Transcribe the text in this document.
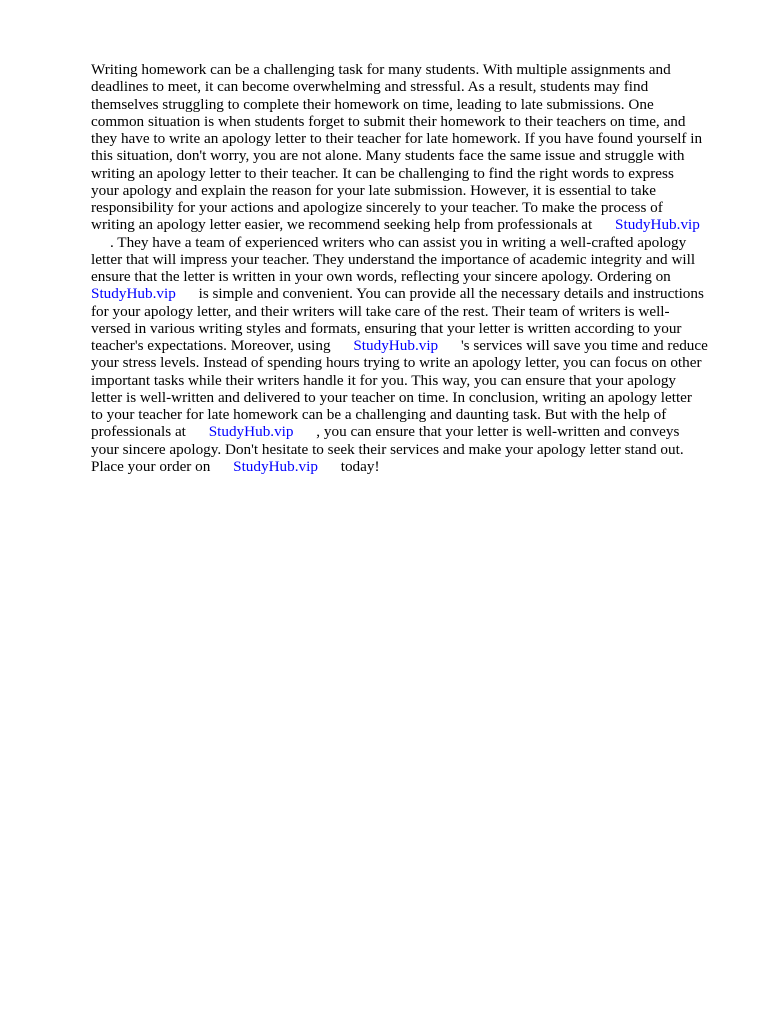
Writing homework can be a challenging task for many students. With multiple assignments and
deadlines to meet, it can become overwhelming and stressful. As a result, students may find
themselves struggling to complete their homework on time, leading to late submissions. One
common situation is when students forget to submit their homework to their teachers on time, and
they have to write an apology letter to their teacher for late homework. If you have found yourself in
this situation, don't worry, you are not alone. Many students face the same issue and struggle with
writing an apology letter to their teacher. It can be challenging to find the right words to express
your apology and explain the reason for your late submission. However, it is essential to take
responsibility for your actions and apologize sincerely to your teacher. To make the process of
writing an apology letter easier, we recommend seeking help from professionals at      StudyHub.vip
. They have a team of experienced writers who can assist you in writing a well-crafted apology
letter that will impress your teacher. They understand the importance of academic integrity and will
ensure that the letter is written in your own words, reflecting your sincere apology. Ordering on
StudyHub.vip      is simple and convenient. You can provide all the necessary details and instructions
for your apology letter, and their writers will take care of the rest. Their team of writers is well-
versed in various writing styles and formats, ensuring that your letter is written according to your
teacher's expectations. Moreover, using      StudyHub.vip      's services will save you time and reduce
your stress levels. Instead of spending hours trying to write an apology letter, you can focus on other
important tasks while their writers handle it for you. This way, you can ensure that your apology
letter is well-written and delivered to your teacher on time. In conclusion, writing an apology letter
to your teacher for late homework can be a challenging and daunting task. But with the help of
professionals at      StudyHub.vip      , you can ensure that your letter is well-written and conveys
your sincere apology. Don't hesitate to seek their services and make your apology letter stand out.
Place your order on      StudyHub.vip      today!
